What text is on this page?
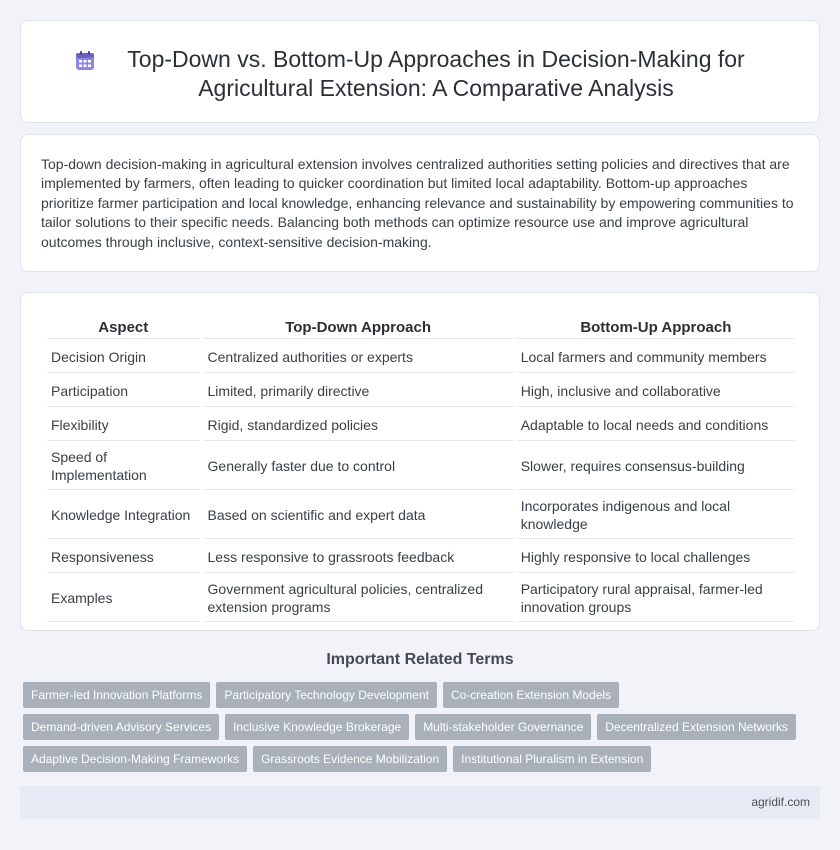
Top-Down vs. Bottom-Up Approaches in Decision-Making for Agricultural Extension: A Comparative Analysis

Top-down decision-making in agricultural extension involves centralized authorities setting policies and directives that are implemented by farmers, often leading to quicker coordination but limited local adaptability. Bottom-up approaches prioritize farmer participation and local knowledge, enhancing relevance and sustainability by empowering communities to tailor solutions to their specific needs. Balancing both methods can optimize resource use and improve agricultural outcomes through inclusive, context-sensitive decision-making.

Aspect	Top-Down Approach	Bottom-Up Approach
Decision Origin	Centralized authorities or experts	Local farmers and community members
Participation	Limited, primarily directive	High, inclusive and collaborative
Flexibility	Rigid, standardized policies	Adaptable to local needs and conditions
Speed of Implementation	Generally faster due to control	Slower, requires consensus-building
Knowledge Integration	Based on scientific and expert data	Incorporates indigenous and local knowledge
Responsiveness	Less responsive to grassroots feedback	Highly responsive to local challenges
Examples	Government agricultural policies, centralized extension programs	Participatory rural appraisal, farmer-led innovation groups
Important Related Terms
Farmer-led Innovation Platforms	Participatory Technology Development	Co-creation Extension Models
Demand-driven Advisory Services	Inclusive Knowledge Brokerage	Multi-stakeholder Governance	Decentralized Extension Networks
Adaptive Decision-Making Frameworks	Grassroots Evidence Mobilization	Institutional Pluralism in Extension
agridif.com
